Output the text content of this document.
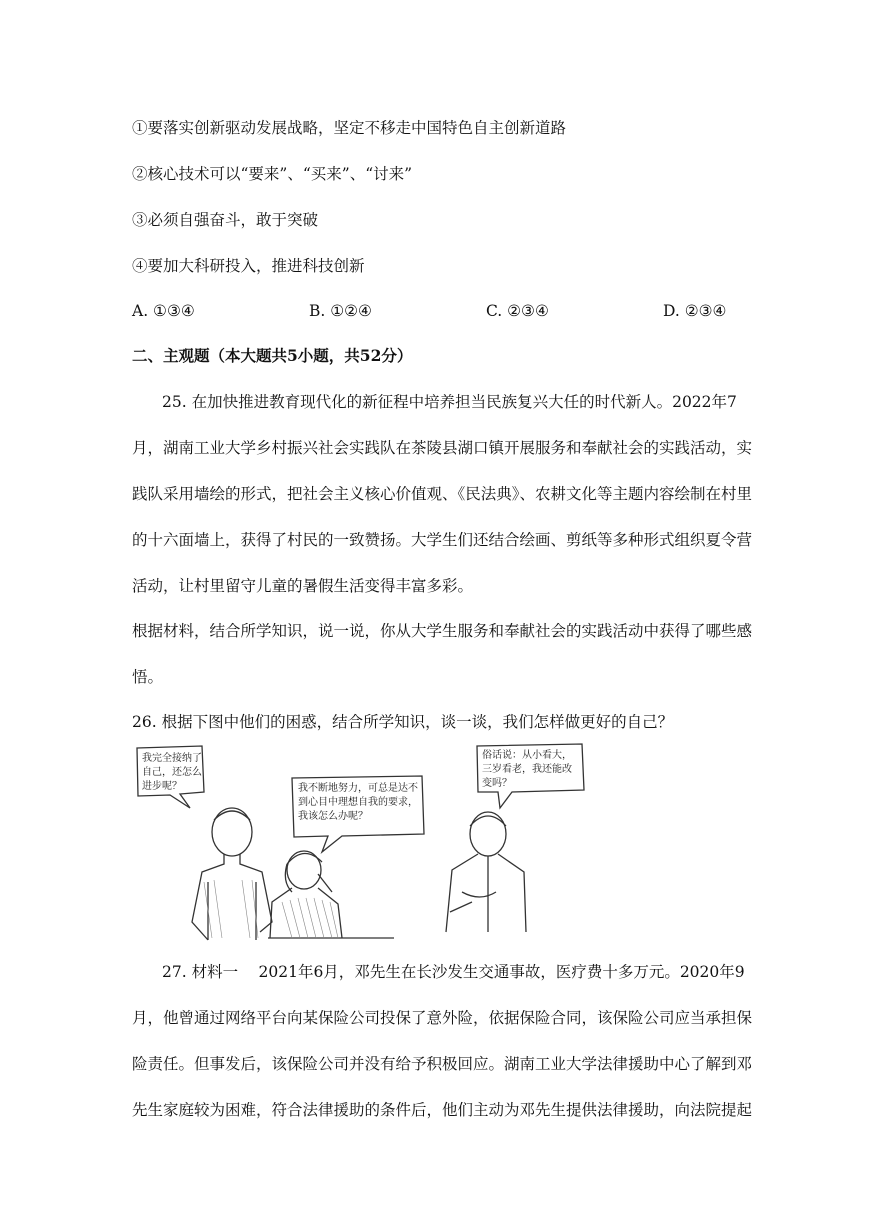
①要落实创新驱动发展战略，坚定不移走中国特色自主创新道路
②核心技术可以“要来”、“买来”、“讨来”
③必须自强奋斗，敢于突破
④要加大科研投入，推进科技创新
A. ①③④	B. ①②④	C. ②③④	D. ②③④
二、主观题（本大题共5小题，共52分）
25. 在加快推进教育现代化的新征程中培养担当民族复兴大任的时代新人。2022年7
月，湖南工业大学乡村振兴社会实践队在茶陵县湖口镇开展服务和奉献社会的实践活动，实
践队采用墙绘的形式，把社会主义核心价值观、《民法典》、农耕文化等主题内容绘制在村里
的十六面墙上，获得了村民的一致赞扬。大学生们还结合绘画、剪纸等多种形式组织夏令营
活动，让村里留守儿童的暑假生活变得丰富多彩。
根据材料，结合所学知识，说一说，你从大学生服务和奉献社会的实践活动中获得了哪些感
悟。
26. 根据下图中他们的困惑，结合所学知识，谈一谈，我们怎样做更好的自己？
我完全接纳了自己，还怎么进步呢？	我不断地努力，可总是达不到心目中理想自我的要求，我该怎么办呢？
俗话说：从小看大，三岁看老，我还能改变吗？
27. 材料一　 2021年6月，邓先生在长沙发生交通事故，医疗费十多万元。2020年9
月，他曾通过网络平台向某保险公司投保了意外险，依据保险合同，该保险公司应当承担保
险责任。但事发后，该保险公司并没有给予积极回应。湖南工业大学法律援助中心了解到邓
先生家庭较为困难，符合法律援助的条件后，他们主动为邓先生提供法律援助，向法院提起
